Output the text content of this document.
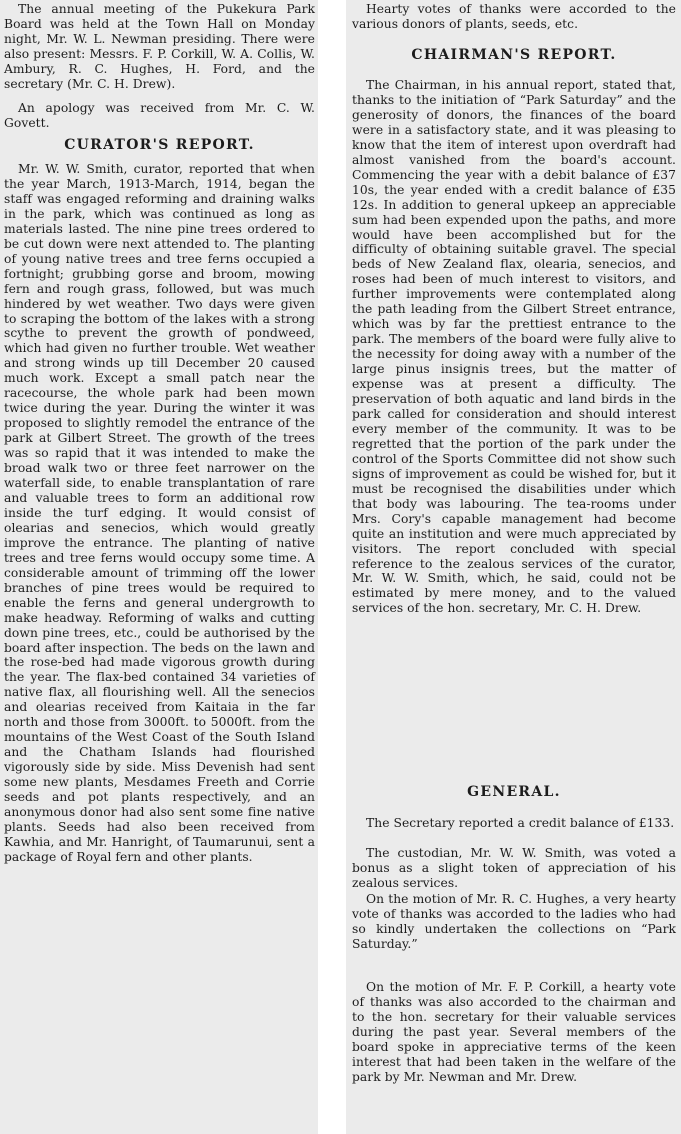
The annual meeting of the Pukekura Park Board was held at the Town Hall on Monday night, Mr. W. L. Newman presiding. There were also present: Messrs. F. P. Corkill, W. A. Collis, W. Ambury, R. C. Hughes, H. Ford, and the secretary (Mr. C. H. Drew).

An apology was received from Mr. C. W. Govett.

CURATOR'S REPORT.

Mr. W. W. Smith, curator, reported that when the year March, 1913-March, 1914, began the staff was engaged reforming and draining walks in the park, which was continued as long as materials lasted. The nine pine trees ordered to be cut down were next attended to. The planting of young native trees and tree ferns occupied a fortnight; grubbing gorse and broom, mowing fern and rough grass, followed, but was much hindered by wet weather. Two days were given to scraping the bottom of the lakes with a strong scythe to prevent the growth of pondweed, which had given no further trouble. Wet weather and strong winds up till December 20 caused much work. Except a small patch near the racecourse, the whole park had been mown twice during the year. During the winter it was proposed to slightly remodel the entrance of the park at Gilbert Street. The growth of the trees was so rapid that it was intended to make the broad walk two or three feet narrower on the waterfall side, to enable transplantation of rare and valuable trees to form an additional row inside the turf edging. It would consist of olearias and senecios, which would greatly improve the entrance. The planting of native trees and tree ferns would occupy some time. A considerable amount of trimming off the lower branches of pine trees would be required to enable the ferns and general undergrowth to make headway. Reforming of walks and cutting down pine trees, etc., could be authorised by the board after inspection. The beds on the lawn and the rose-bed had made vigorous growth during the year. The flax-bed contained 34 varieties of native flax, all flourishing well. All the senecios and olearias received from Kaitaia in the far north and those from 3000ft. to 5000ft. from the mountains of the West Coast of the South Island and the Chatham Islands had flourished vigorously side by side. Miss Devenish had sent some new plants, Mesdames Freeth and Corrie seeds and pot plants respectively, and an anonymous donor had also sent some fine native plants. Seeds had also been received from Kawhia, and Mr. Hanright, of Taumarunui, sent a package of Royal fern and other plants.

Hearty votes of thanks were accorded to the various donors of plants, seeds, etc.

CHAIRMAN'S REPORT.

The Chairman, in his annual report, stated that, thanks to the initiation of “Park Saturday” and the generosity of donors, the finances of the board were in a satisfactory state, and it was pleasing to know that the item of interest upon overdraft had almost vanished from the board's account. Commencing the year with a debit balance of £37 10s, the year ended with a credit balance of £35 12s. In addition to general upkeep an appreciable sum had been expended upon the paths, and more would have been accomplished but for the difficulty of obtaining suitable gravel. The special beds of New Zealand flax, olearia, senecios, and roses had been of much interest to visitors, and further improvements were contemplated along the path leading from the Gilbert Street entrance, which was by far the prettiest entrance to the park. The members of the board were fully alive to the necessity for doing away with a number of the large pinus insignis trees, but the matter of expense was at present a difficulty. The preservation of both aquatic and land birds in the park called for consideration and should interest every member of the community. It was to be regretted that the portion of the park under the control of the Sports Committee did not show such signs of improvement as could be wished for, but it must be recognised the disabilities under which that body was labouring. The tea-rooms under Mrs. Cory's capable management had become quite an institution and were much appreciated by visitors. The report concluded with special reference to the zealous services of the curator, Mr. W. W. Smith, which, he said, could not be estimated by mere money, and to the valued services of the hon. secretary, Mr. C. H. Drew.

GENERAL.

The Secretary reported a credit balance of £133.

The custodian, Mr. W. W. Smith, was voted a bonus as a slight token of appreciation of his zealous services.

On the motion of Mr. R. C. Hughes, a very hearty vote of thanks was accorded to the ladies who had so kindly undertaken the collections on “Park Saturday.”

On the motion of Mr. F. P. Corkill, a hearty vote of thanks was also accorded to the chairman and to the hon. secretary for their valuable services during the past year. Several members of the board spoke in appreciative terms of the keen interest that had been taken in the welfare of the park by Mr. Newman and Mr. Drew.
